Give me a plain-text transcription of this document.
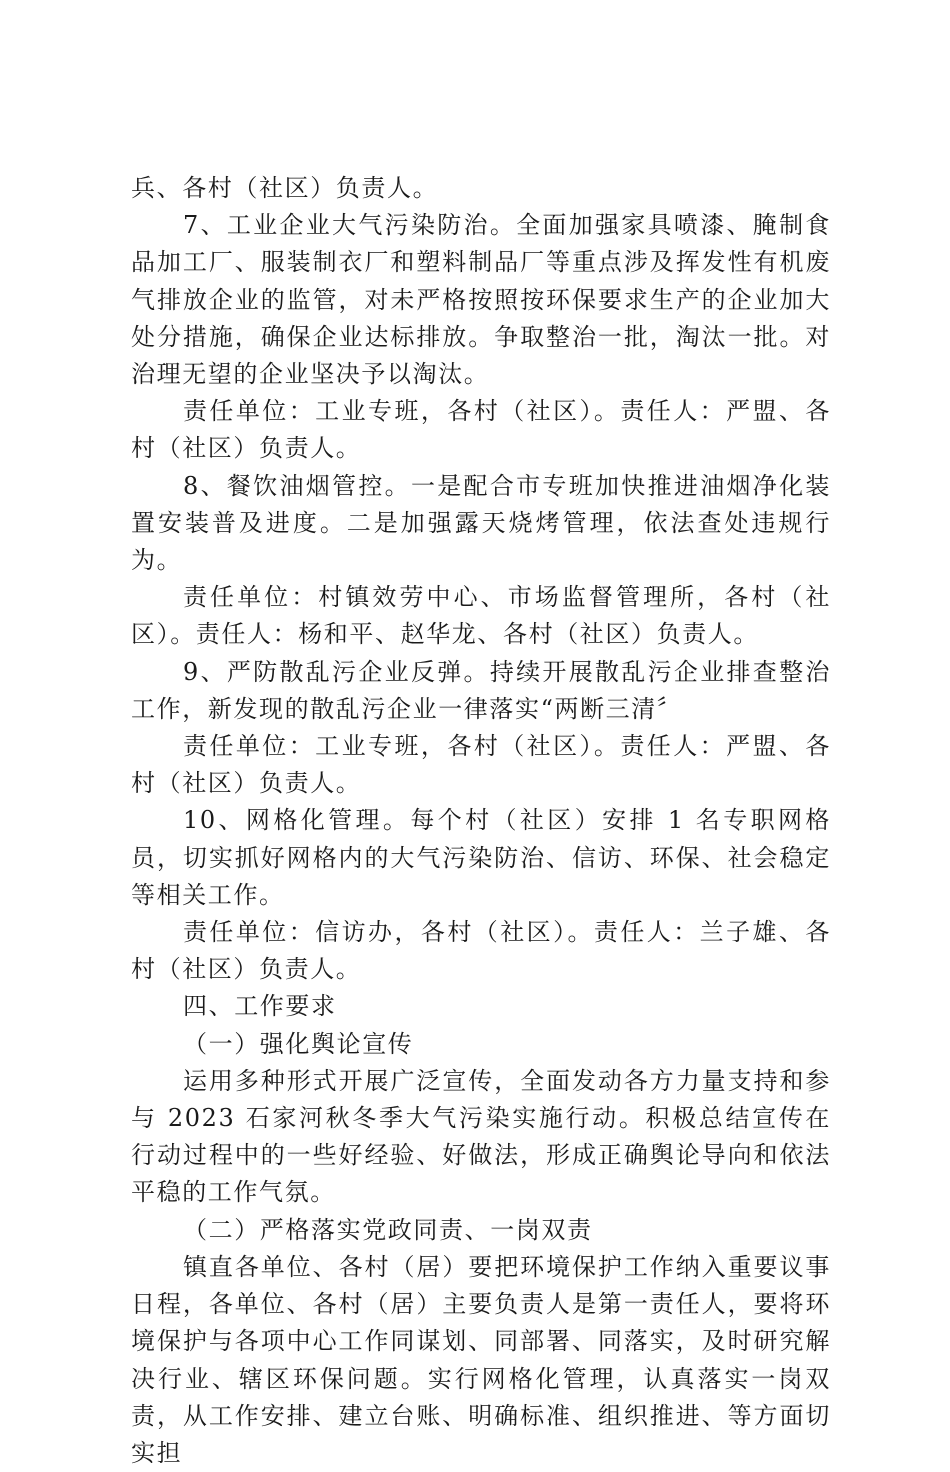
兵、各村（社区）负责人。

7、工业企业大气污染防治。全面加强家具喷漆、腌制食品加工厂、服装制衣厂和塑料制品厂等重点涉及挥发性有机废气排放企业的监管，对未严格按照按环保要求生产的企业加大处分措施，确保企业达标排放。争取整治一批，淘汰一批。对治理无望的企业坚决予以淘汰。

责任单位：工业专班，各村（社区）。责任人：严盟、各村（社区）负责人。

8、餐饮油烟管控。一是配合市专班加快推进油烟净化装置安装普及进度。二是加强露天烧烤管理，依法查处违规行为。

责任单位：村镇效劳中心、市场监督管理所，各村（社区）。责任人：杨和平、赵华龙、各村（社区）负责人。

9、严防散乱污企业反弹。持续开展散乱污企业排查整治工作，新发现的散乱污企业一律落实“两断三清〞

责任单位：工业专班，各村（社区）。责任人：严盟、各村（社区）负责人。

10、网格化管理。每个村（社区）安排 1 名专职网格员，切实抓好网格内的大气污染防治、信访、环保、社会稳定等相关工作。

责任单位：信访办，各村（社区）。责任人：兰子雄、各村（社区）负责人。

四、工作要求

（一）强化舆论宣传

运用多种形式开展广泛宣传，全面发动各方力量支持和参与 2023 石家河秋冬季大气污染实施行动。积极总结宣传在行动过程中的一些好经验、好做法，形成正确舆论导向和依法平稳的工作气氛。

（二）严格落实党政同责、一岗双责

镇直各单位、各村（居）要把环境保护工作纳入重要议事日程，各单位、各村（居）主要负责人是第一责任人，要将环境保护与各项中心工作同谋划、同部署、同落实，及时研究解决行业、辖区环保问题。实行网格化管理，认真落实一岗双责，从工作安排、建立台账、明确标准、组织推进、等方面切实担
